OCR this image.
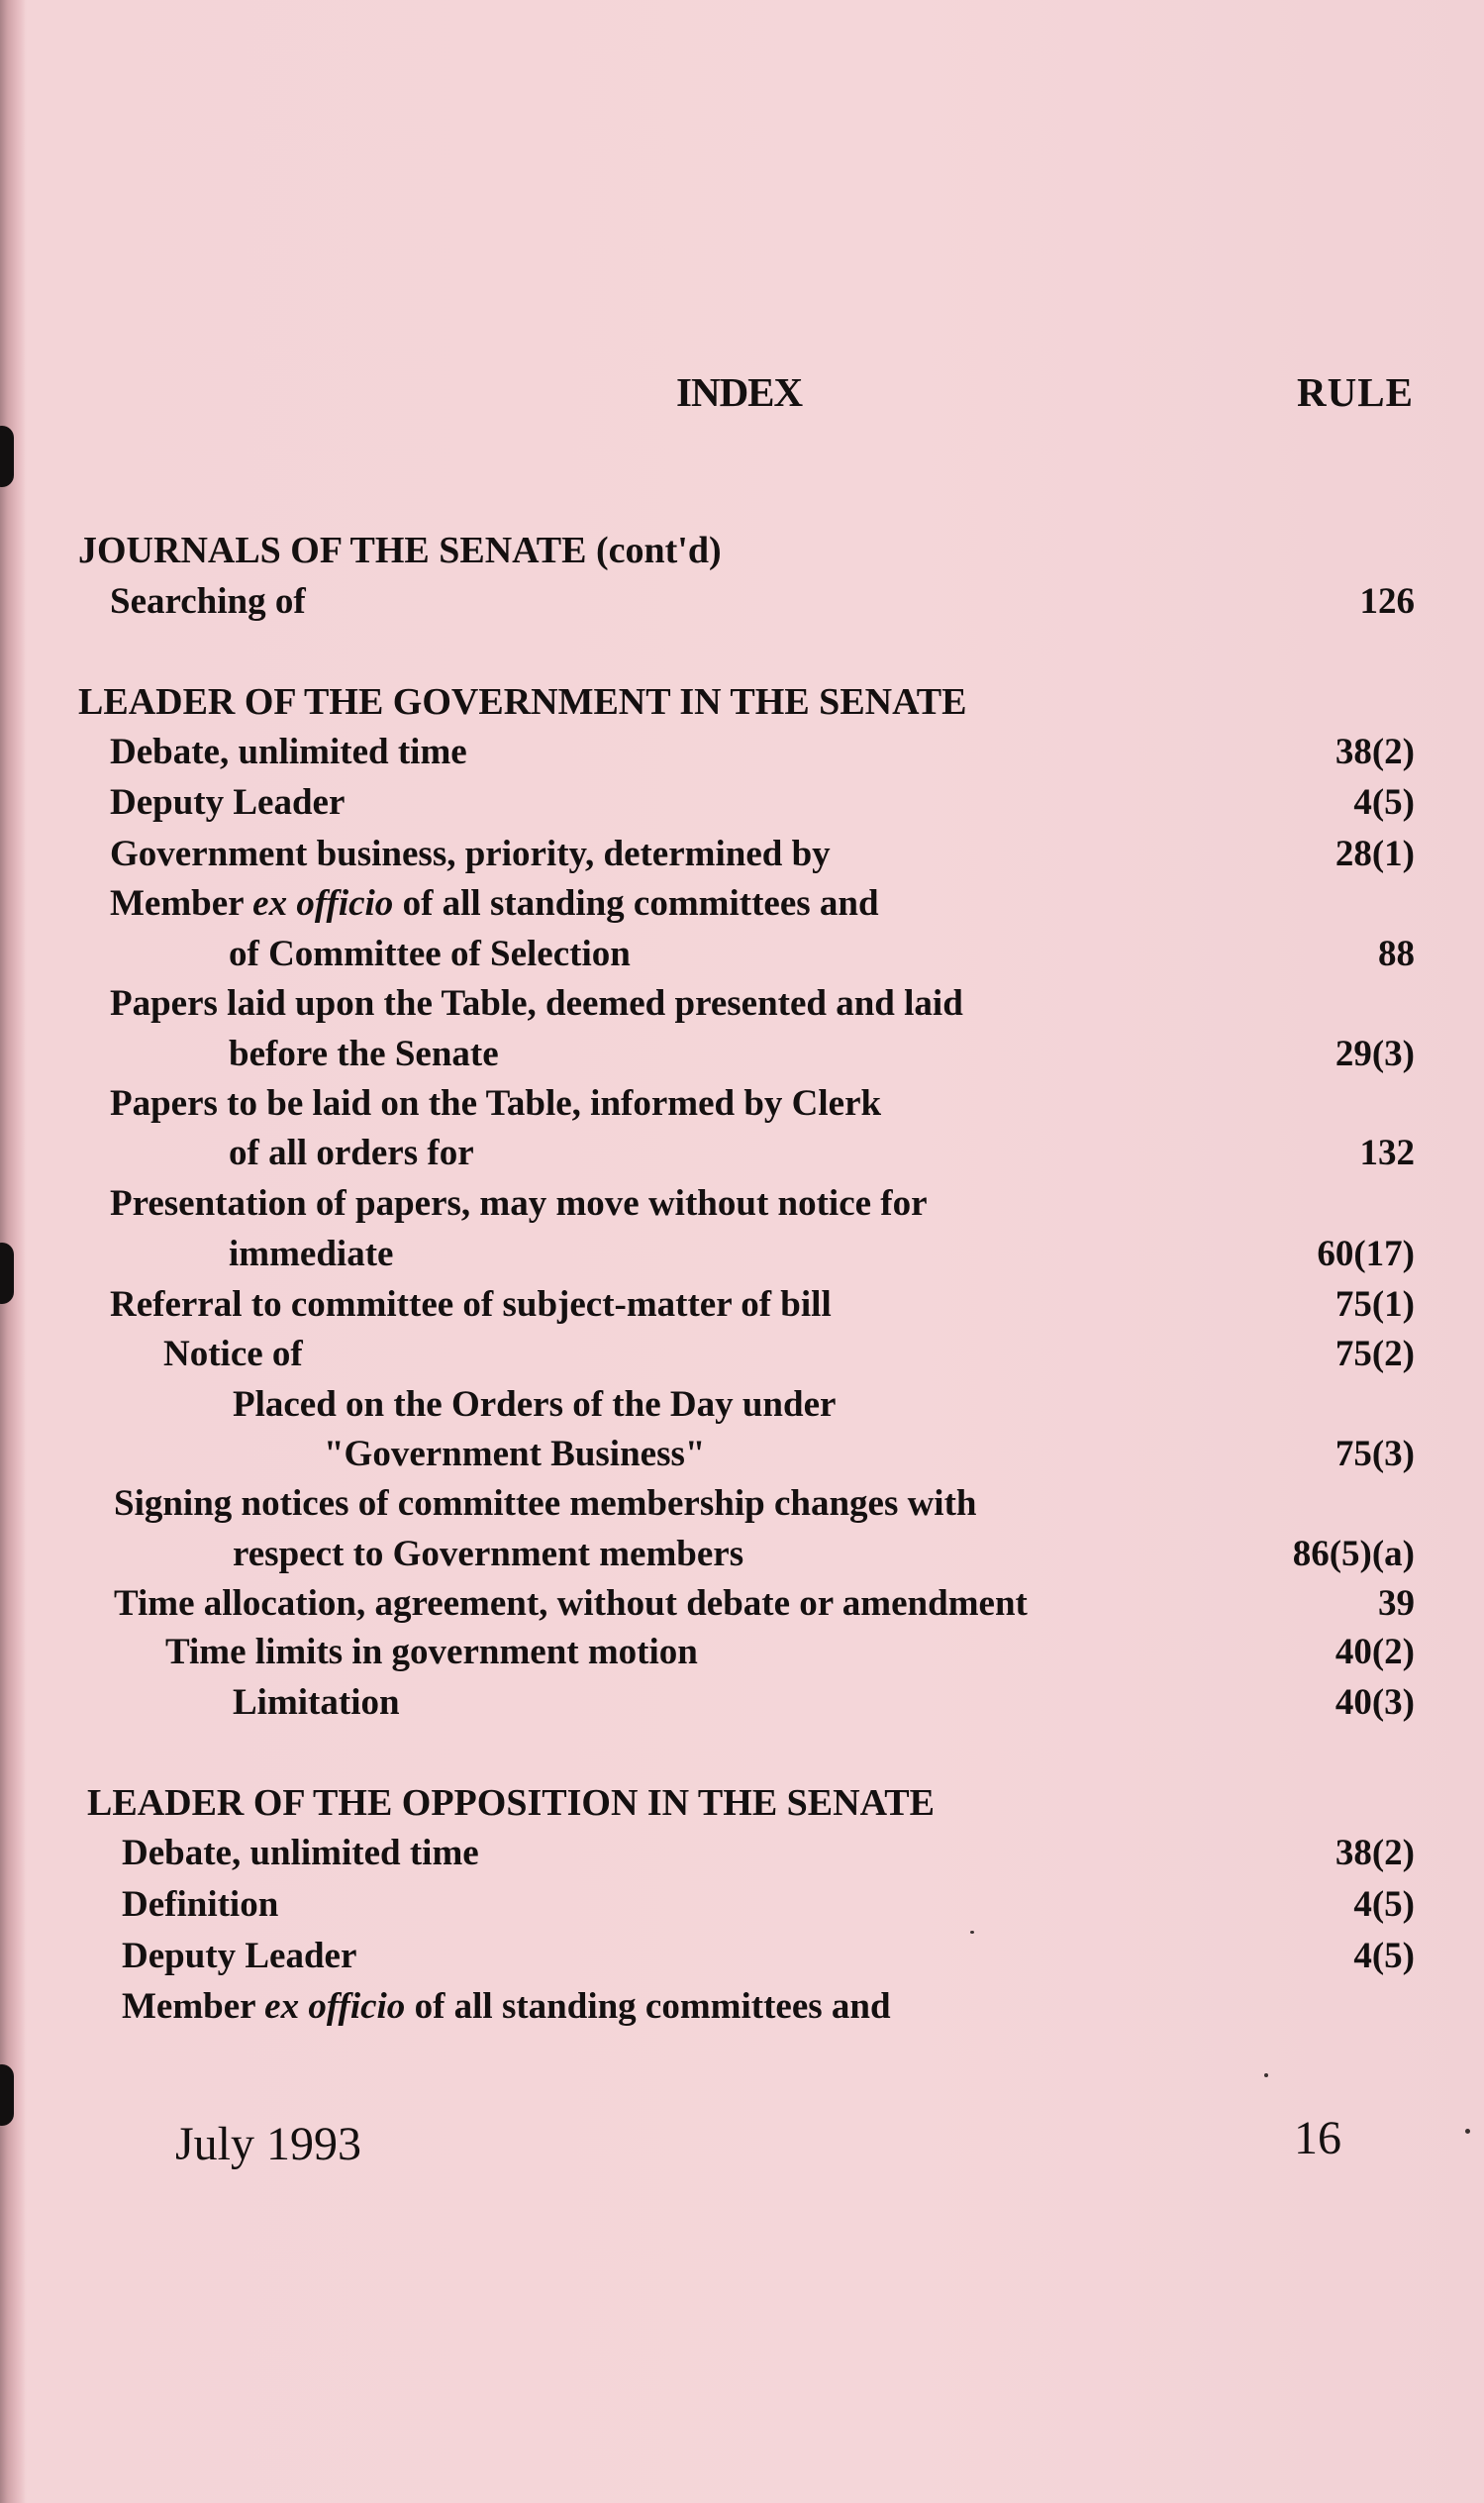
INDEX	RULE
JOURNALS OF THE SENATE (cont'd)
Searching of	126
LEADER OF THE GOVERNMENT IN THE SENATE
Debate, unlimited time	38(2)
Deputy Leader	4(5)
Government business, priority, determined by	28(1)
Member ex officio of all standing committees and
of Committee of Selection	88
Papers laid upon the Table, deemed presented and laid
before the Senate	29(3)
Papers to be laid on the Table, informed by Clerk
of all orders for	132
Presentation of papers, may move without notice for
immediate	60(17)
Referral to committee of subject-matter of bill	75(1)
Notice of	75(2)
Placed on the Orders of the Day under
"Government Business"	75(3)
Signing notices of committee membership changes with
respect to Government members	86(5)(a)
Time allocation, agreement, without debate or amendment	39
Time limits in government motion	40(2)
Limitation	40(3)
LEADER OF THE OPPOSITION IN THE SENATE
Debate, unlimited time	38(2)
Definition	4(5)
Deputy Leader	4(5)
Member ex officio of all standing committees and
July 1993	16
